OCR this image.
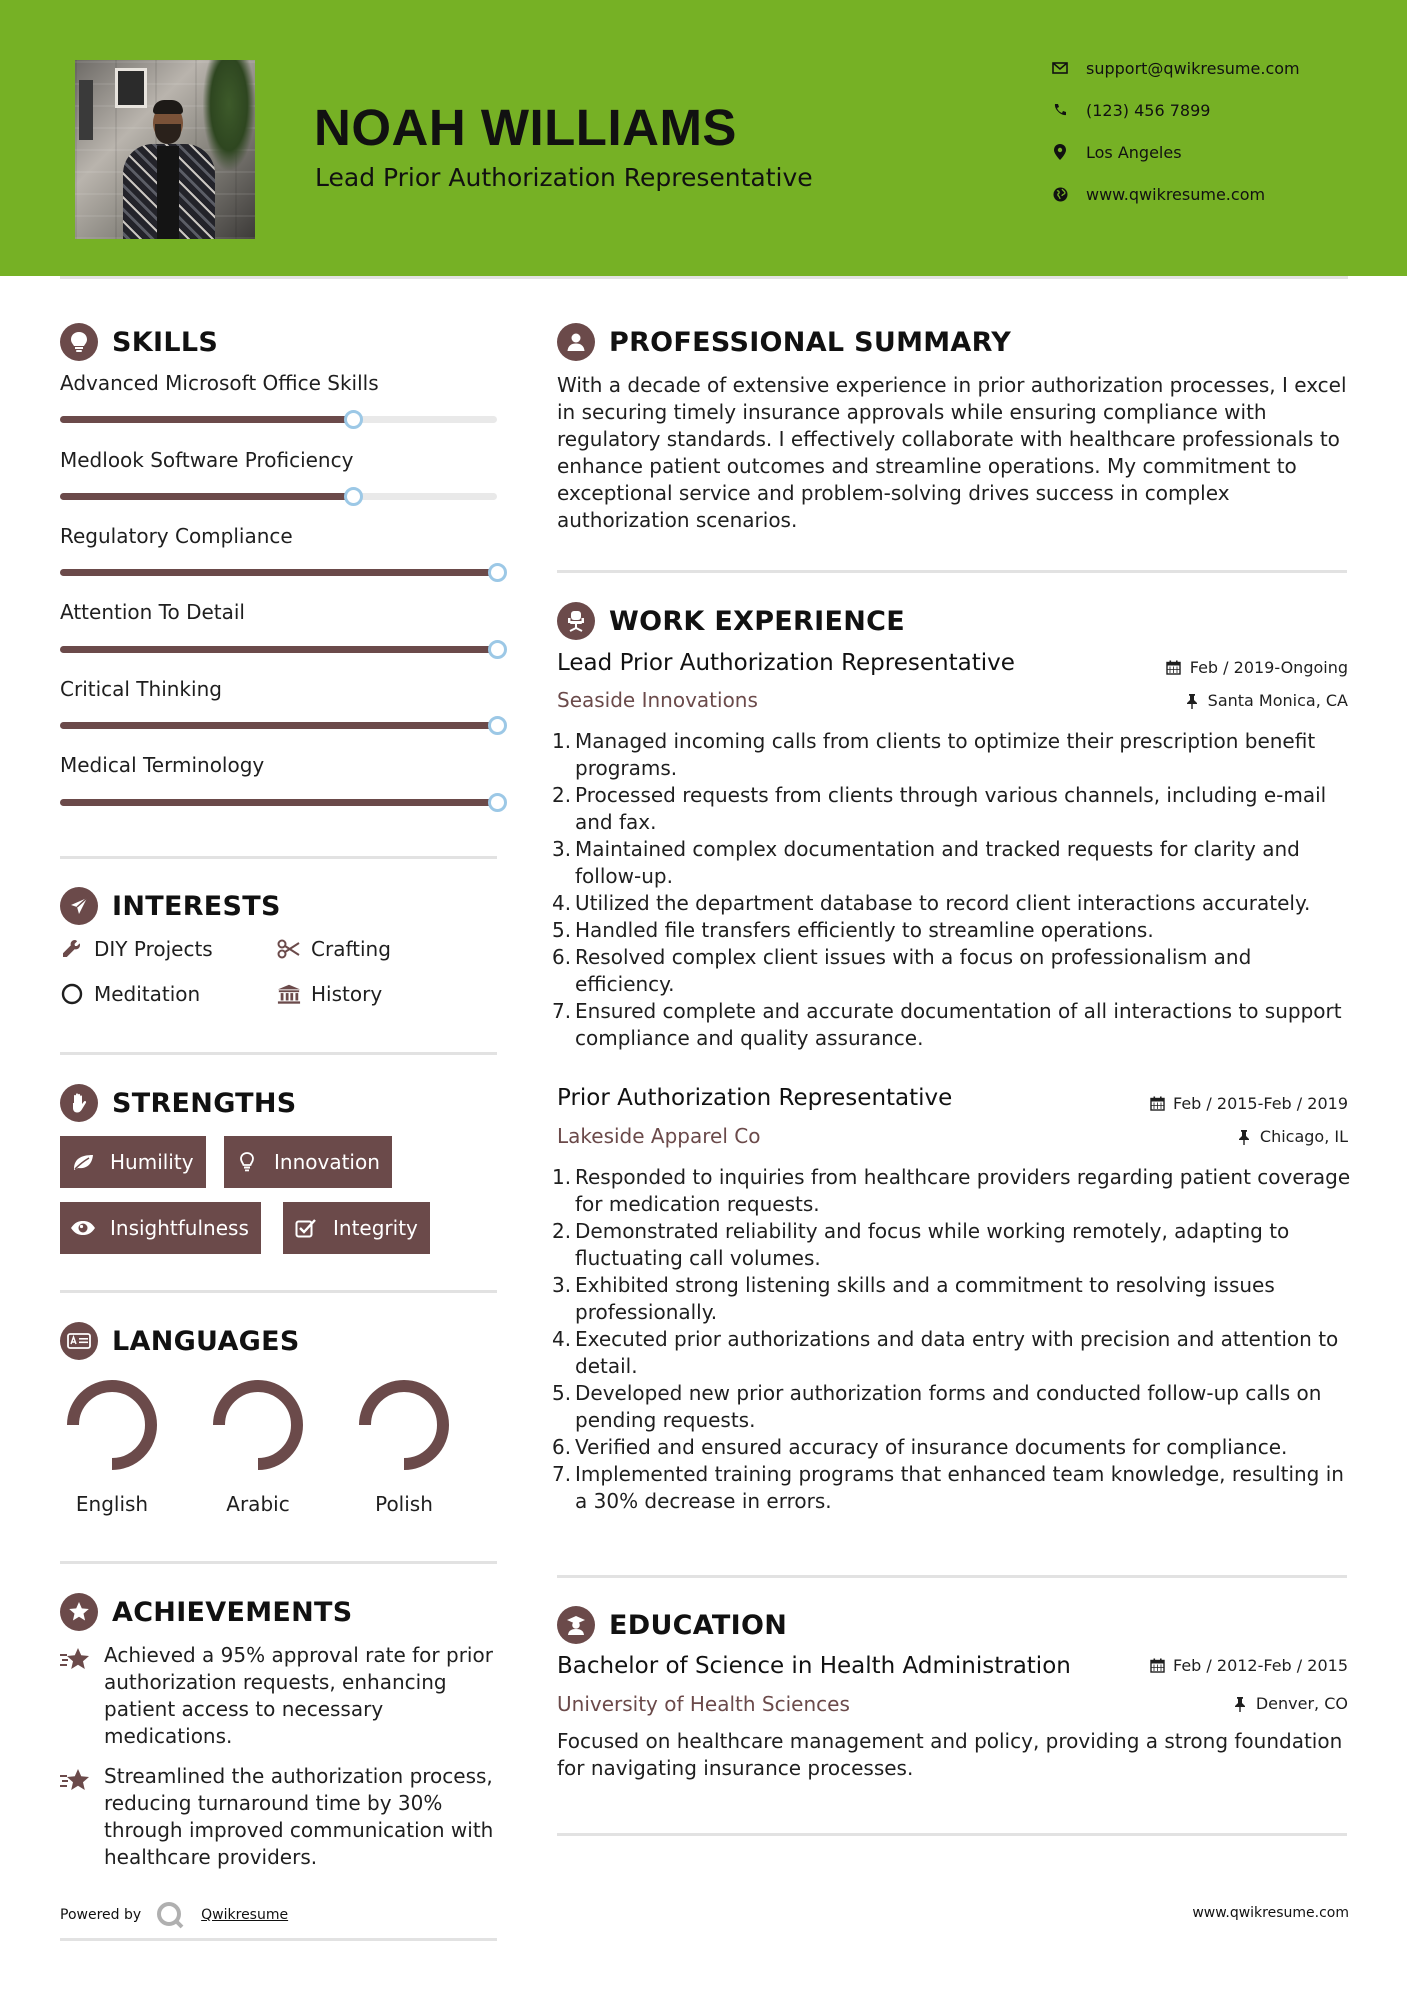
NOAH WILLIAMS
Lead Prior Authorization Representative
support@qwikresume.com
(123) 456 7899
Los Angeles
www.qwikresume.com
SKILLS
Advanced Microsoft Office Skills
Medlook Software Proficiency
Regulatory Compliance
Attention To Detail
Critical Thinking
Medical Terminology
INTERESTS
DIY Projects	Crafting
Meditation	History
STRENGTHS
Humility	Innovation
Insightfulness	Integrity
LANGUAGES
English	Arabic	Polish
ACHIEVEMENTS
Achieved a 95% approval rate for prior authorization requests, enhancing patient access to necessary medications.
Streamlined the authorization process, reducing turnaround time by 30% through improved communication with healthcare providers.
Powered by	Qwikresume
PROFESSIONAL SUMMARY
With a decade of extensive experience in prior authorization processes, I excel in securing timely insurance approvals while ensuring compliance with regulatory standards. I effectively collaborate with healthcare professionals to enhance patient outcomes and streamline operations. My commitment to exceptional service and problem-solving drives success in complex authorization scenarios.
WORK EXPERIENCE
Lead Prior Authorization Representative	Feb / 2019-Ongoing
Seaside Innovations	Santa Monica, CA
1. Managed incoming calls from clients to optimize their prescription benefit programs.
2. Processed requests from clients through various channels, including e-mail and fax.
3. Maintained complex documentation and tracked requests for clarity and follow-up.
4. Utilized the department database to record client interactions accurately.
5. Handled file transfers efficiently to streamline operations.
6. Resolved complex client issues with a focus on professionalism and efficiency.
7. Ensured complete and accurate documentation of all interactions to support compliance and quality assurance.
Prior Authorization Representative	Feb / 2015-Feb / 2019
Lakeside Apparel Co	Chicago, IL
1. Responded to inquiries from healthcare providers regarding patient coverage for medication requests.
2. Demonstrated reliability and focus while working remotely, adapting to fluctuating call volumes.
3. Exhibited strong listening skills and a commitment to resolving issues professionally.
4. Executed prior authorizations and data entry with precision and attention to detail.
5. Developed new prior authorization forms and conducted follow-up calls on pending requests.
6. Verified and ensured accuracy of insurance documents for compliance.
7. Implemented training programs that enhanced team knowledge, resulting in a 30% decrease in errors.
EDUCATION
Bachelor of Science in Health Administration	Feb / 2012-Feb / 2015
University of Health Sciences	Denver, CO
Focused on healthcare management and policy, providing a strong foundation for navigating insurance processes.
www.qwikresume.com
